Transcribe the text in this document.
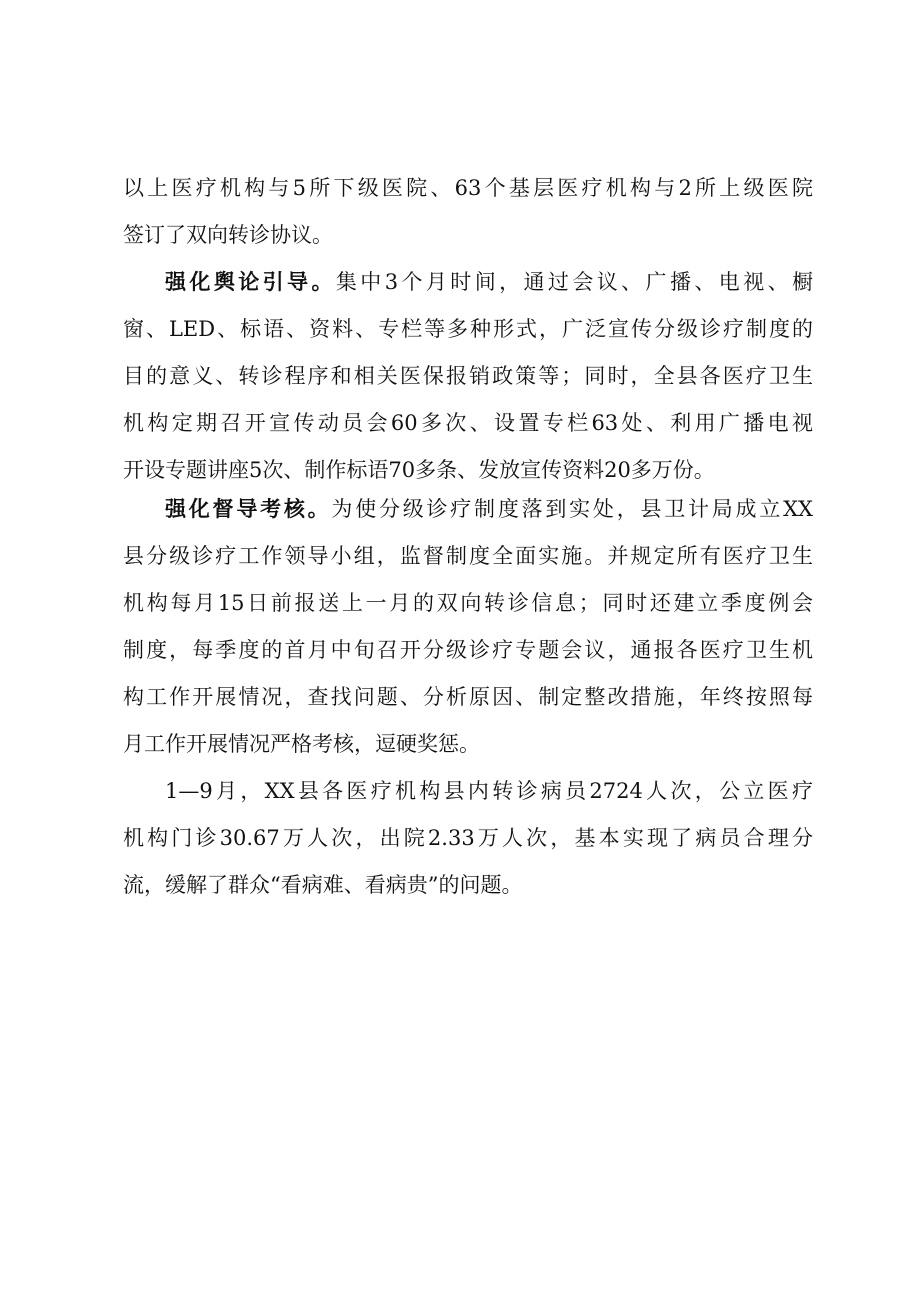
以上医疗机构与5所下级医院、63个基层医疗机构与2所上级医院
签订了双向转诊协议。
强化舆论引导。集中3个月时间，通过会议、广播、电视、橱
窗、LED、标语、资料、专栏等多种形式，广泛宣传分级诊疗制度的
目的意义、转诊程序和相关医保报销政策等；同时，全县各医疗卫生
机构定期召开宣传动员会60多次、设置专栏63处、利用广播电视
开设专题讲座5次、制作标语70多条、发放宣传资料20多万份。
强化督导考核。为使分级诊疗制度落到实处，县卫计局成立XX
县分级诊疗工作领导小组，监督制度全面实施。并规定所有医疗卫生
机构每月15日前报送上一月的双向转诊信息；同时还建立季度例会
制度，每季度的首月中旬召开分级诊疗专题会议，通报各医疗卫生机
构工作开展情况，查找问题、分析原因、制定整改措施，年终按照每
月工作开展情况严格考核，逗硬奖惩。
1—9月，XX县各医疗机构县内转诊病员2724人次，公立医疗
机构门诊30.67万人次，出院2.33万人次，基本实现了病员合理分
流，缓解了群众“看病难、看病贵”的问题。
